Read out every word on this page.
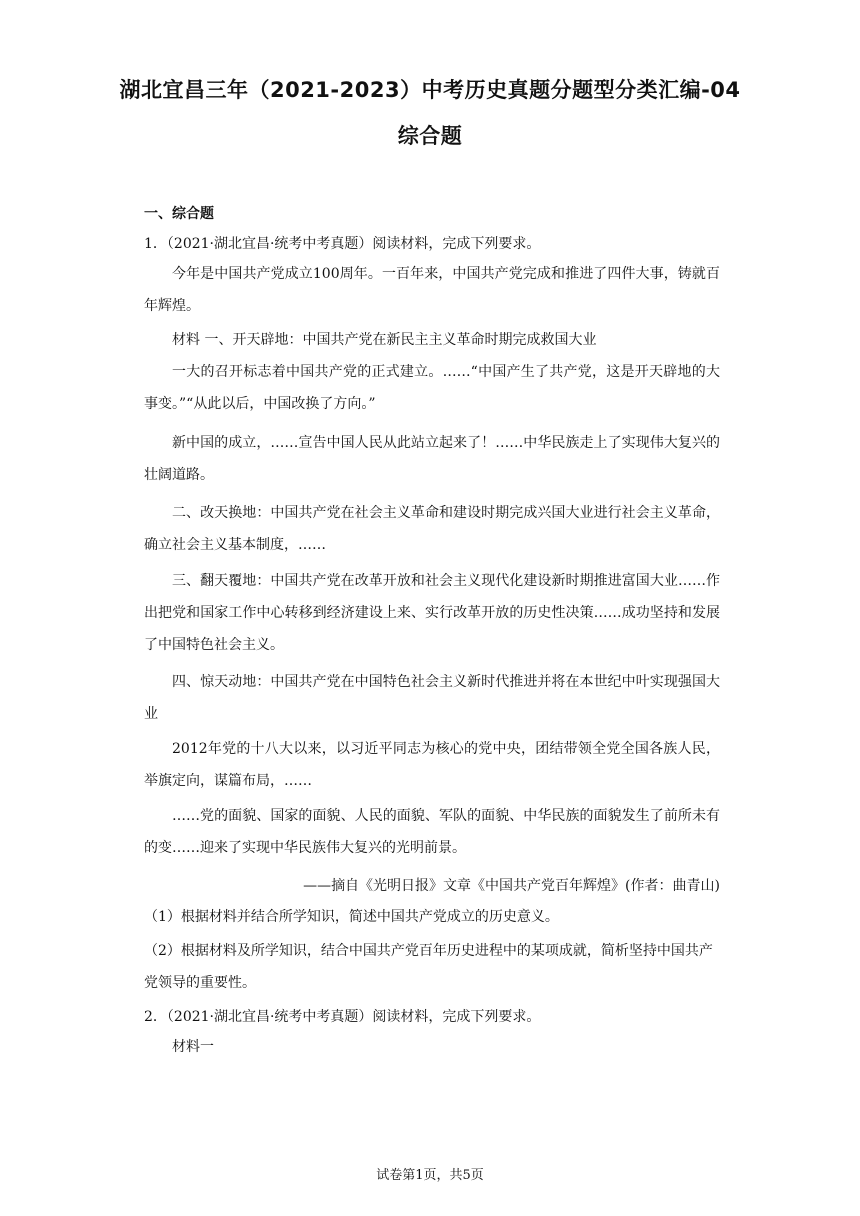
湖北宜昌三年（2021-2023）中考历史真题分题型分类汇编-04
综合题
一、综合题
1．（2021·湖北宜昌·统考中考真题）阅读材料，完成下列要求。

今年是中国共产党成立100周年。一百年来，中国共产党完成和推进了四件大事，铸就百年辉煌。

材料 一、开天辟地：中国共产党在新民主主义革命时期完成救国大业

一大的召开标志着中国共产党的正式建立。……“中国产生了共产党，这是开天辟地的大事变。”“从此以后，中国改换了方向。”

新中国的成立，……宣告中国人民从此站立起来了！……中华民族走上了实现伟大复兴的壮阔道路。

二、改天换地：中国共产党在社会主义革命和建设时期完成兴国大业进行社会主义革命，确立社会主义基本制度，……

三、翻天覆地：中国共产党在改革开放和社会主义现代化建设新时期推进富国大业……作出把党和国家工作中心转移到经济建设上来、实行改革开放的历史性决策……成功坚持和发展了中国特色社会主义。

四、惊天动地：中国共产党在中国特色社会主义新时代推进并将在本世纪中叶实现强国大业

2012年党的十八大以来，以习近平同志为核心的党中央，团结带领全党全国各族人民，举旗定向，谋篇布局，……

……党的面貌、国家的面貌、人民的面貌、军队的面貌、中华民族的面貌发生了前所未有的变……迎来了实现中华民族伟大复兴的光明前景。

——摘自《光明日报》文章《中国共产党百年辉煌》(作者：曲青山)

（1）根据材料并结合所学知识，简述中国共产党成立的历史意义。

（2）根据材料及所学知识，结合中国共产党百年历史进程中的某项成就，简析坚持中国共产党领导的重要性。

2．（2021·湖北宜昌·统考中考真题）阅读材料，完成下列要求。

材料一

试卷第1页，共5页
